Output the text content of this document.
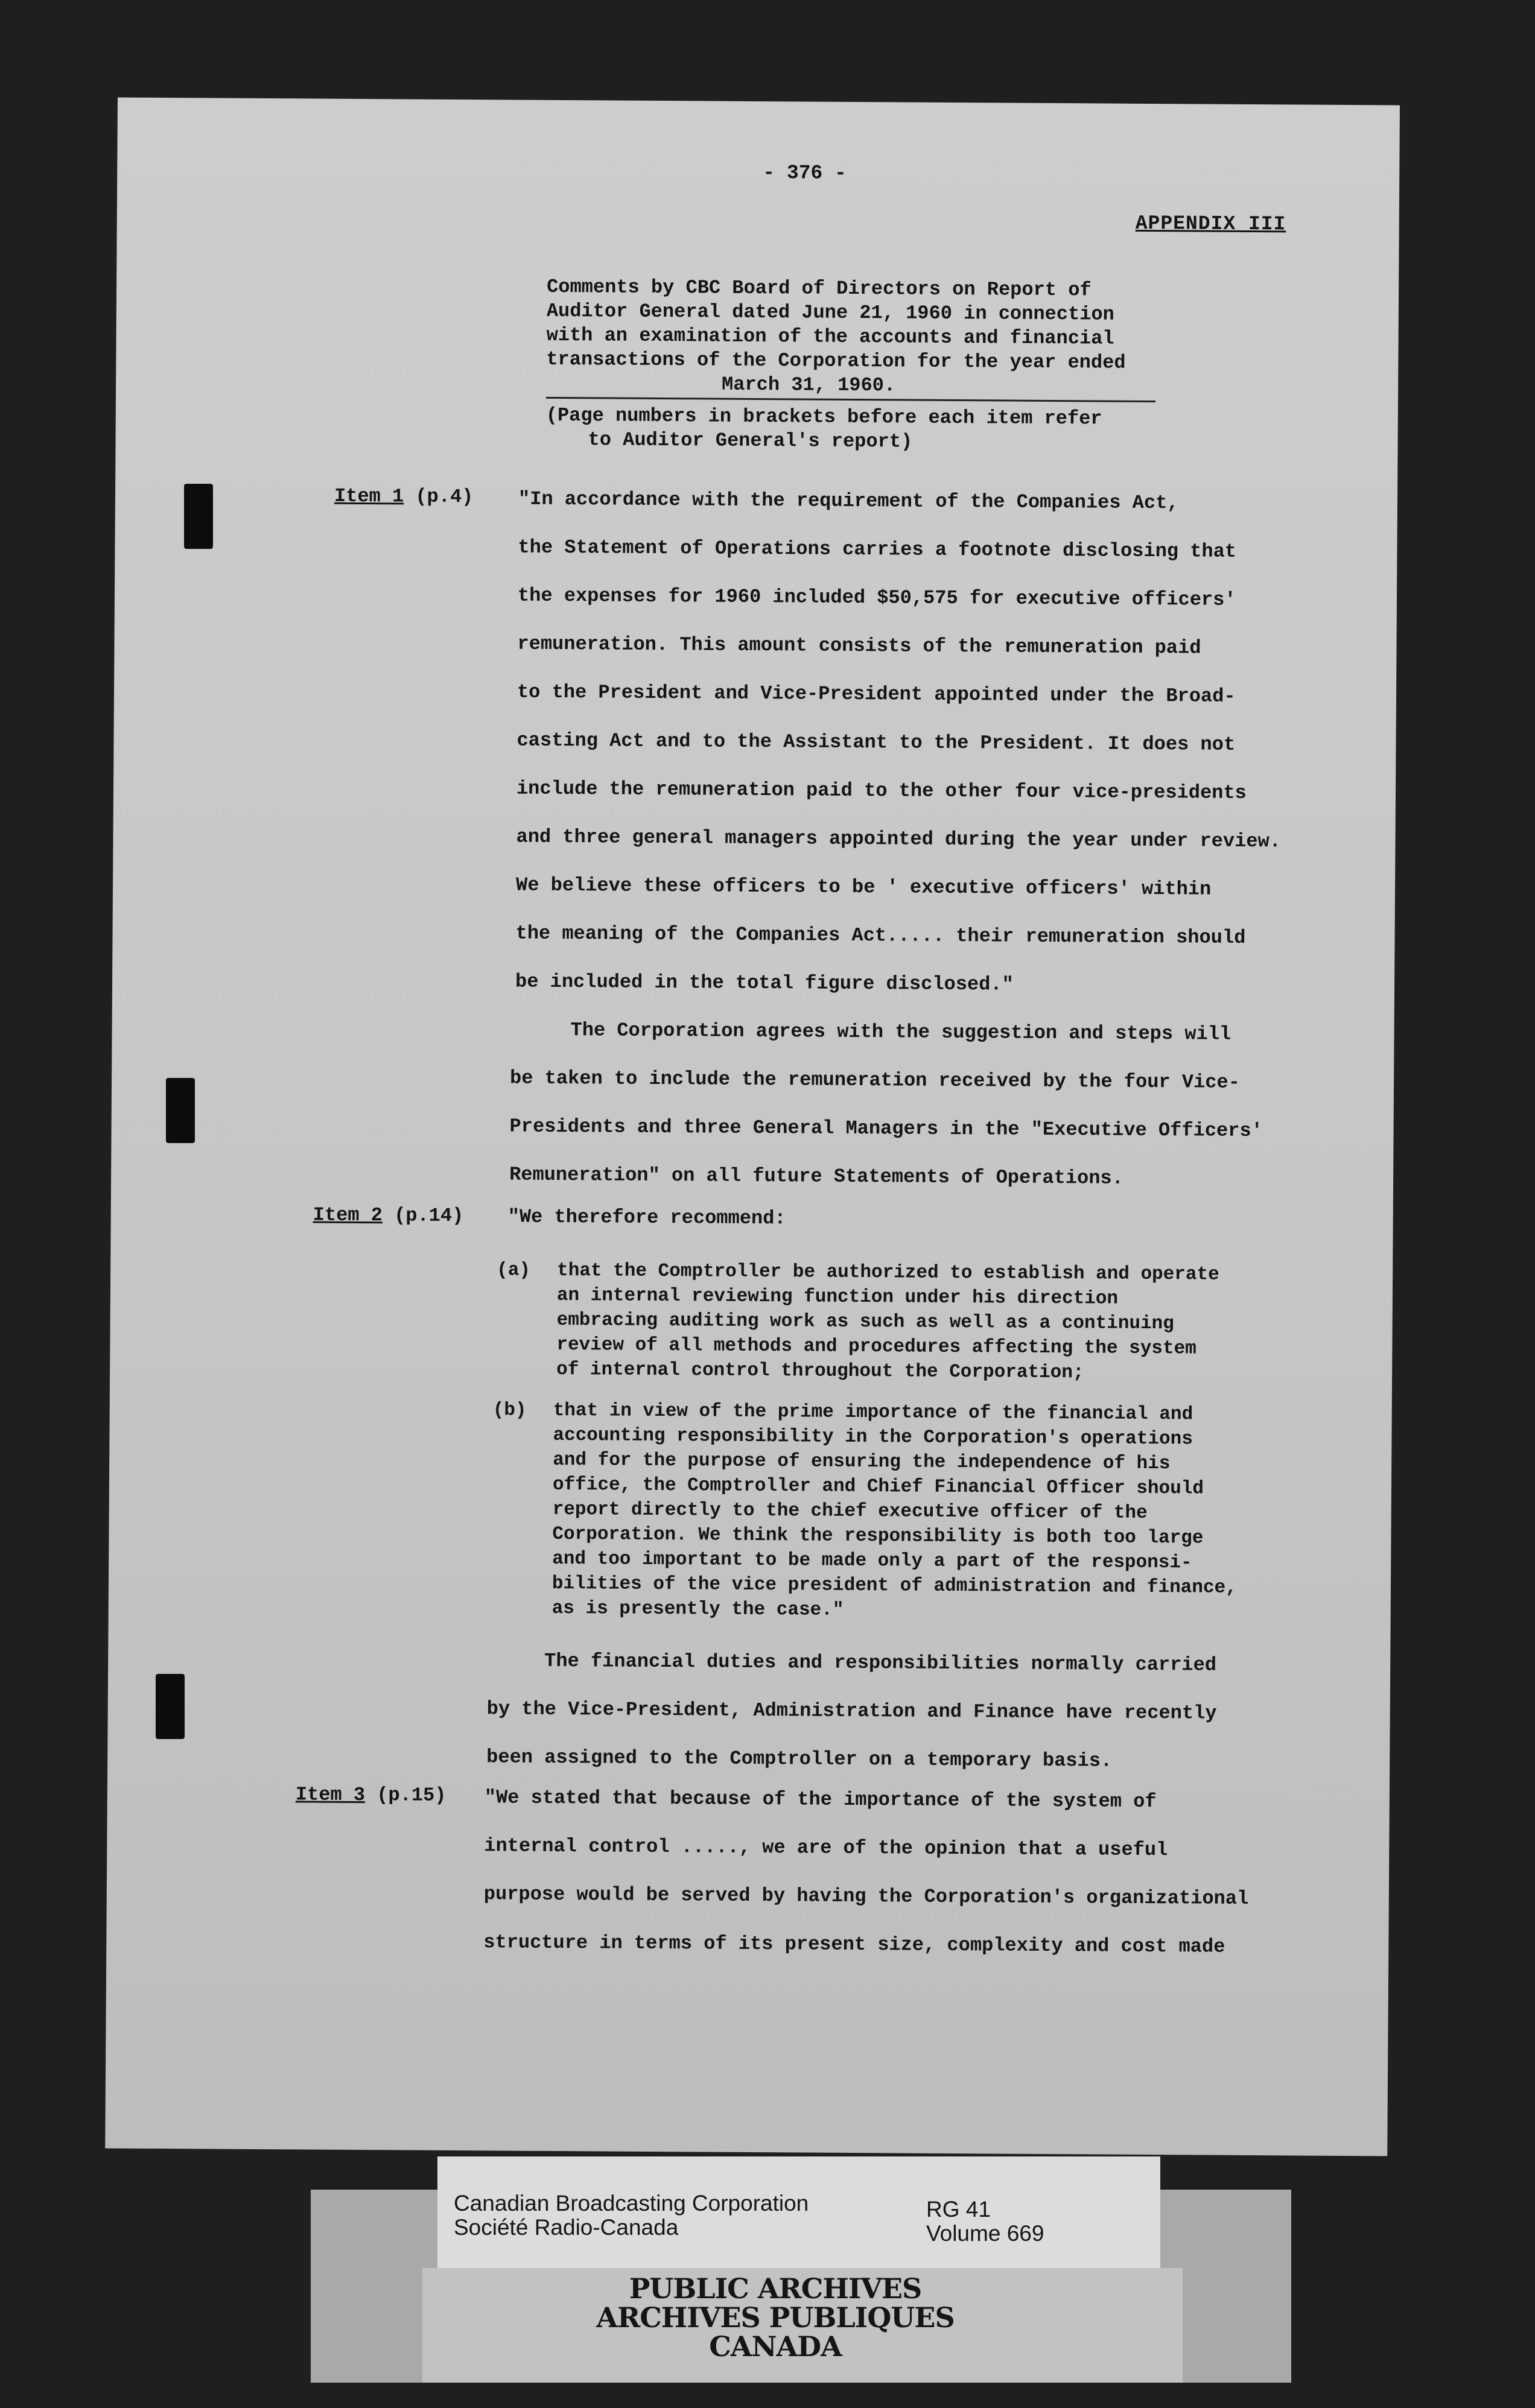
- 376 -
APPENDIX III
Comments by CBC Board of Directors on Report of
Auditor General dated June 21, 1960 in connection
with an examination of the accounts and financial
transactions of the Corporation for the year ended
March 31, 1960.
(Page numbers in brackets before each item refer
to Auditor General's report)
Item 1 (p.4) "In accordance with the requirement of the Companies Act,
the Statement of Operations carries a footnote disclosing that
the expenses for 1960 included $50,575 for executive officers'
remuneration. This amount consists of the remuneration paid
to the President and Vice-President appointed under the Broad-
casting Act and to the Assistant to the President. It does not
include the remuneration paid to the other four vice-presidents
and three general managers appointed during the year under review.
We believe these officers to be ' executive officers' within
the meaning of the Companies Act..... their remuneration should
be included in the total figure disclosed."
The Corporation agrees with the suggestion and steps will
be taken to include the remuneration received by the four Vice-
Presidents and three General Managers in the "Executive Officers'
Remuneration" on all future Statements of Operations.
Item 2 (p.14) "We therefore recommend:
(a) that the Comptroller be authorized to establish and operate
an internal reviewing function under his direction
embracing auditing work as such as well as a continuing
review of all methods and procedures affecting the system
of internal control throughout the Corporation;
(b) that in view of the prime importance of the financial and
accounting responsibility in the Corporation's operations
and for the purpose of ensuring the independence of his
office, the Comptroller and Chief Financial Officer should
report directly to the chief executive officer of the
Corporation. We think the responsibility is both too large
and too important to be made only a part of the responsi-
bilities of the vice president of administration and finance,
as is presently the case."
The financial duties and responsibilities normally carried
by the Vice-President, Administration and Finance have recently
been assigned to the Comptroller on a temporary basis.
Item 3 (p.15) "We stated that because of the importance of the system of
internal control ....., we are of the opinion that a useful
purpose would be served by having the Corporation's organizational
structure in terms of its present size, complexity and cost made
Canadian Broadcasting Corporation
Société Radio-Canada
RG 41
Volume 669
PUBLIC ARCHIVES
ARCHIVES PUBLIQUES
CANADA
